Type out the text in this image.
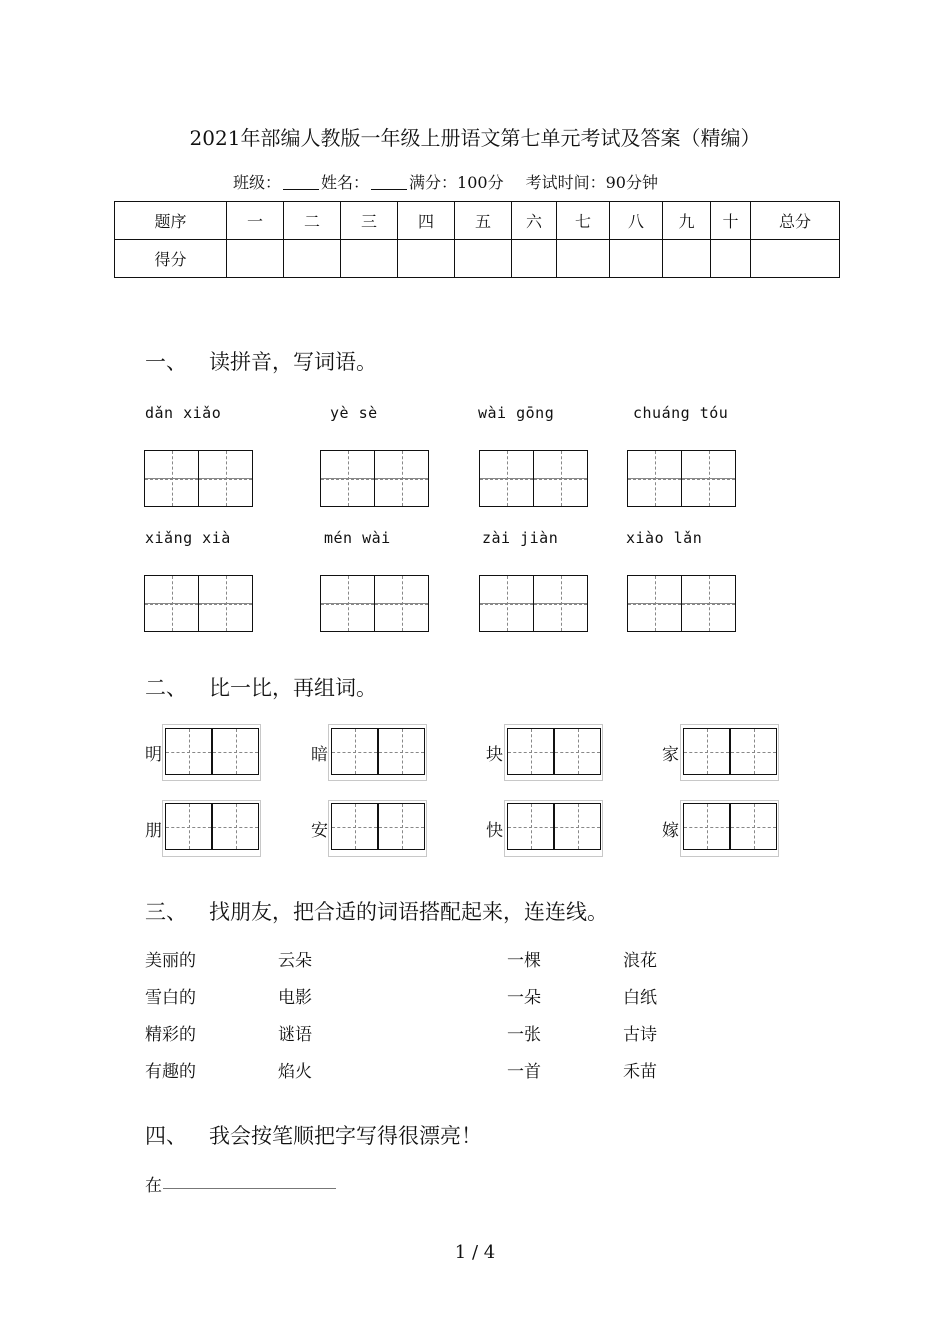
2021年部编人教版一年级上册语文第七单元考试及答案（精编）
班级：	姓名：	满分：100分 考试时间：90分钟
题序	一	二	三	四	五	六	七	八	九	十	总分
得分											
一、 读拼音，写词语。
dǎn xiǎo	yè sè	wài gōng	chuáng tóu
xiǎng xià	mén wài	zài jiàn	xiào lǎn
二、 比一比，再组词。
明	暗	块	家
朋	安	快	嫁
三、 找朋友，把合适的词语搭配起来，连连线。
美丽的	云朵	一棵	浪花
雪白的	电影	一朵	白纸
精彩的	谜语	一张	古诗
有趣的	焰火	一首	禾苗
四、 我会按笔顺把字写得很漂亮！
在
1 / 4
